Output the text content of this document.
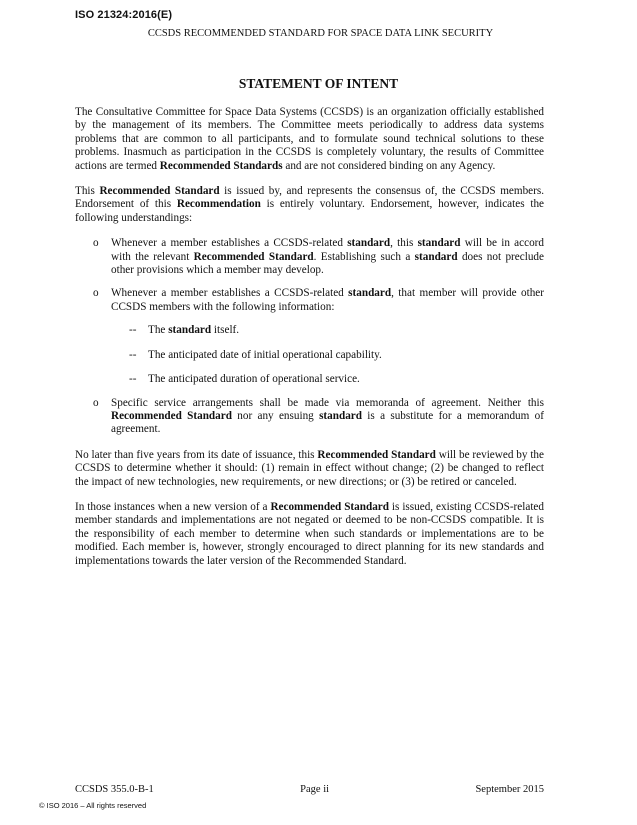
ISO 21324:2016(E)
CCSDS RECOMMENDED STANDARD FOR SPACE DATA LINK SECURITY
STATEMENT OF INTENT

The Consultative Committee for Space Data Systems (CCSDS) is an organization officially established by the management of its members. The Committee meets periodically to address data systems problems that are common to all participants, and to formulate sound technical solutions to these problems. Inasmuch as participation in the CCSDS is completely voluntary, the results of Committee actions are termed Recommended Standards and are not considered binding on any Agency.

This Recommended Standard is issued by, and represents the consensus of, the CCSDS members. Endorsement of this Recommendation is entirely voluntary. Endorsement, however, indicates the following understandings:

o	Whenever a member establishes a CCSDS-related standard, this standard will be in accord with the relevant Recommended Standard. Establishing such a standard does not preclude other provisions which a member may develop.
o	Whenever a member establishes a CCSDS-related standard, that member will provide other CCSDS members with the following information:
--	The standard itself.
--	The anticipated date of initial operational capability.
--	The anticipated duration of operational service.
o	Specific service arrangements shall be made via memoranda of agreement. Neither this Recommended Standard nor any ensuing standard is a substitute for a memorandum of agreement.

No later than five years from its date of issuance, this Recommended Standard will be reviewed by the CCSDS to determine whether it should: (1) remain in effect without change; (2) be changed to reflect the impact of new technologies, new requirements, or new directions; or (3) be retired or canceled.

In those instances when a new version of a Recommended Standard is issued, existing CCSDS-related member standards and implementations are not negated or deemed to be non-CCSDS compatible. It is the responsibility of each member to determine when such standards or implementations are to be modified. Each member is, however, strongly encouraged to direct planning for its new standards and implementations towards the later version of the Recommended Standard.

CCSDS 355.0-B-1	Page ii	September 2015
© ISO 2016 – All rights reserved
